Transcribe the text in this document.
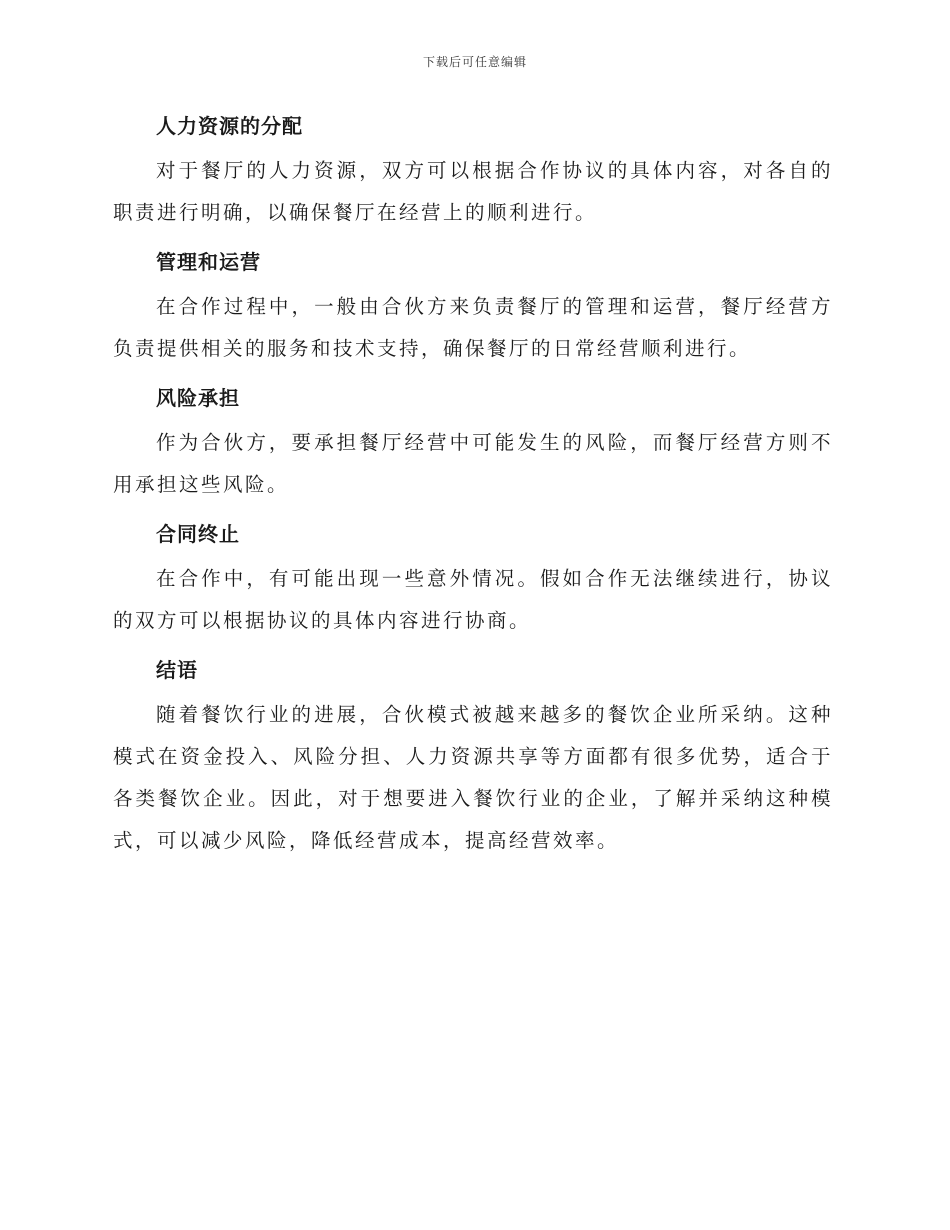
下载后可任意编辑
人力资源的分配

对于餐厅的人力资源，双方可以根据合作协议的具体内容，对各自的职责进行明确，以确保餐厅在经营上的顺利进行。

管理和运营

在合作过程中，一般由合伙方来负责餐厅的管理和运营，餐厅经营方负责提供相关的服务和技术支持，确保餐厅的日常经营顺利进行。

风险承担

作为合伙方，要承担餐厅经营中可能发生的风险，而餐厅经营方则不用承担这些风险。

合同终止

在合作中，有可能出现一些意外情况。假如合作无法继续进行，协议的双方可以根据协议的具体内容进行协商。

结语

随着餐饮行业的进展，合伙模式被越来越多的餐饮企业所采纳。这种模式在资金投入、风险分担、人力资源共享等方面都有很多优势，适合于各类餐饮企业。因此，对于想要进入餐饮行业的企业，了解并采纳这种模式，可以减少风险，降低经营成本，提高经营效率。
